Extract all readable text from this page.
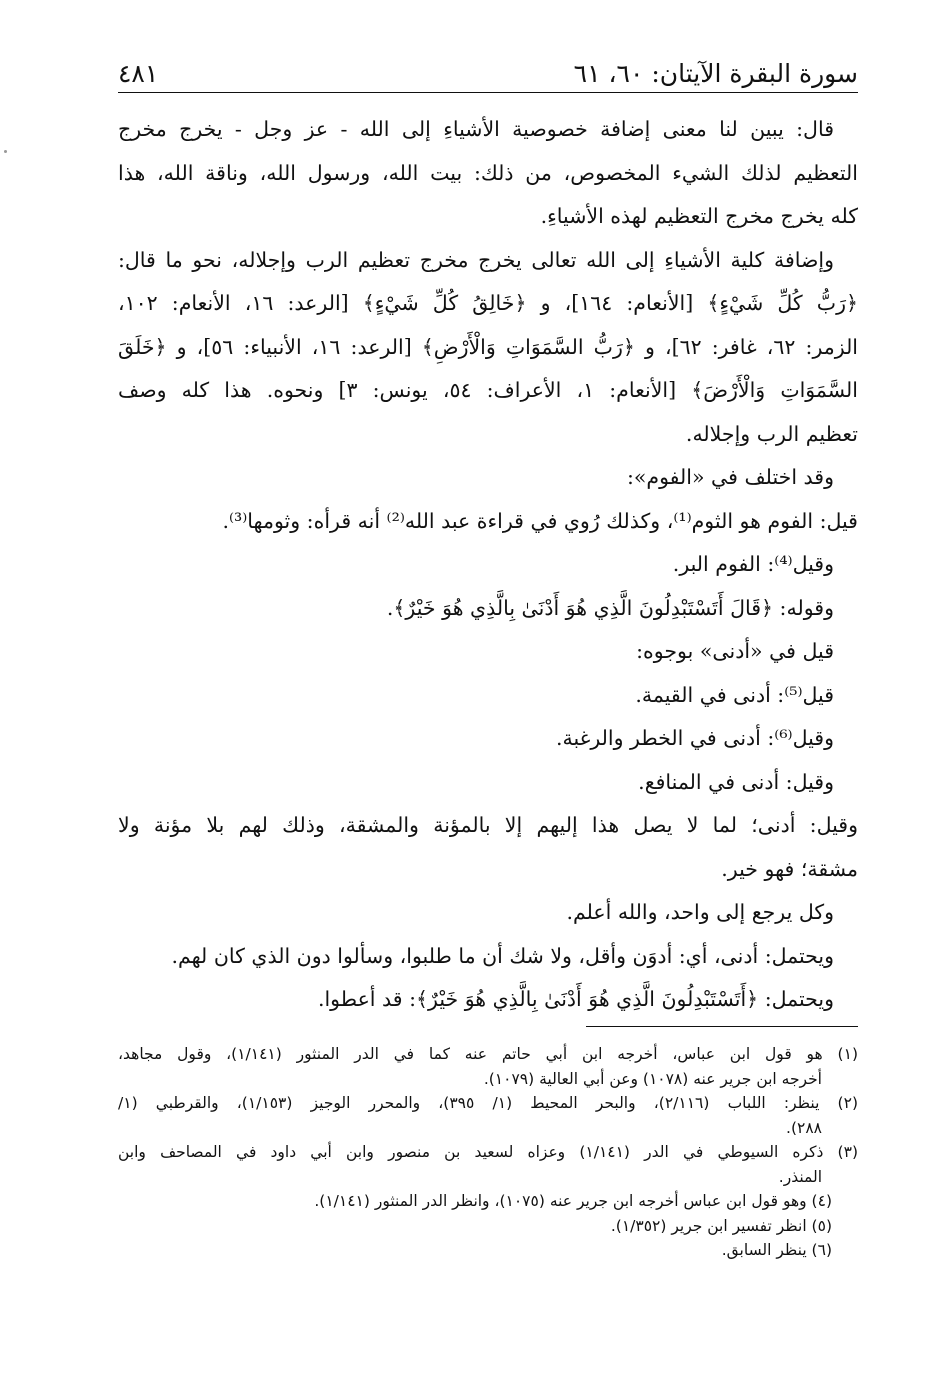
سورة البقرة الآيتان: ٦٠، ٦١
٤٨١
قال: يبين لنا معنى إضافة خصوصية الأشياءِ إلى الله - عز وجل - يخرج مخرج
التعظيم لذلك الشيء المخصوص، من ذلك: بيت الله، ورسول الله، وناقة الله، هذا
كله يخرج مخرج التعظيم لهذه الأشياءِ.
وإضافة كلية الأشياءِ إلى الله تعالى يخرج مخرج تعظيم الرب وإجلاله، نحو ما قال:
﴿رَبُّ كُلِّ شَيْءٍ﴾ [الأنعام: ١٦٤]، و ﴿خَالِقُ كُلِّ شَيْءٍ﴾ [الرعد: ١٦، الأنعام: ١٠٢،
الزمر: ٦٢، غافر: ٦٢]، و ﴿رَبُّ السَّمَوَاتِ وَالْأَرْضِ﴾ [الرعد: ١٦، الأنبياء: ٥٦]، و ﴿خَلَقَ
السَّمَوَاتِ وَالْأَرْضَ﴾ [الأنعام: ١، الأعراف: ٥٤، يونس: ٣] ونحوه. هذا كله وصف
تعظيم الرب وإجلاله.
وقد اختلف في «الفوم»:
قيل: الفوم هو الثوم⁽¹⁾، وكذلك رُوي في قراءة عبد الله⁽²⁾ أنه قرأه: وثومها⁽³⁾.
وقيل⁽⁴⁾: الفوم البر.
وقوله: ﴿قَالَ أَتَسْتَبْدِلُونَ الَّذِي هُوَ أَدْنَىٰ بِالَّذِي هُوَ خَيْرٌ﴾.
قيل في «أدنى» بوجوه:
قيل⁽⁵⁾: أدنى في القيمة.
وقيل⁽⁶⁾: أدنى في الخطر والرغبة.
وقيل: أدنى في المنافع.
وقيل: أدنى؛ لما لا يصل هذا إليهم إلا بالمؤنة والمشقة، وذلك لهم بلا مؤنة ولا
مشقة؛ فهو خير.
وكل يرجع إلى واحد، والله أعلم.
ويحتمل: أدنى، أي: أدوَن وأقل، ولا شك أن ما طلبوا، وسألوا دون الذي كان لهم.
ويحتمل: ﴿أَتَسْتَبْدِلُونَ الَّذِي هُوَ أَدْنَىٰ بِالَّذِي هُوَ خَيْرٌ﴾: قد أعطوا.
(١) هو قول ابن عباس، أخرجه ابن أبي حاتم عنه كما في الدر المنثور (١/١٤١)، وقول مجاهد،
أخرجه ابن جرير عنه (١٠٧٨) وعن أبي العالية (١٠٧٩).
(٢) ينظر: اللباب (٢/١١٦)، والبحر المحيط (١/ ٣٩٥)، والمحرر الوجيز (١/١٥٣)، والقرطبي (١/
٢٨٨).
(٣) ذكره السيوطي في الدر (١/١٤١) وعزاه لسعيد بن منصور وابن أبي داود في المصاحف وابن
المنذر.
(٤) وهو قول ابن عباس أخرجه ابن جرير عنه (١٠٧٥)، وانظر الدر المنثور (١/١٤١).
(٥) انظر تفسير ابن جرير (١/٣٥٢).
(٦) ينظر السابق.
